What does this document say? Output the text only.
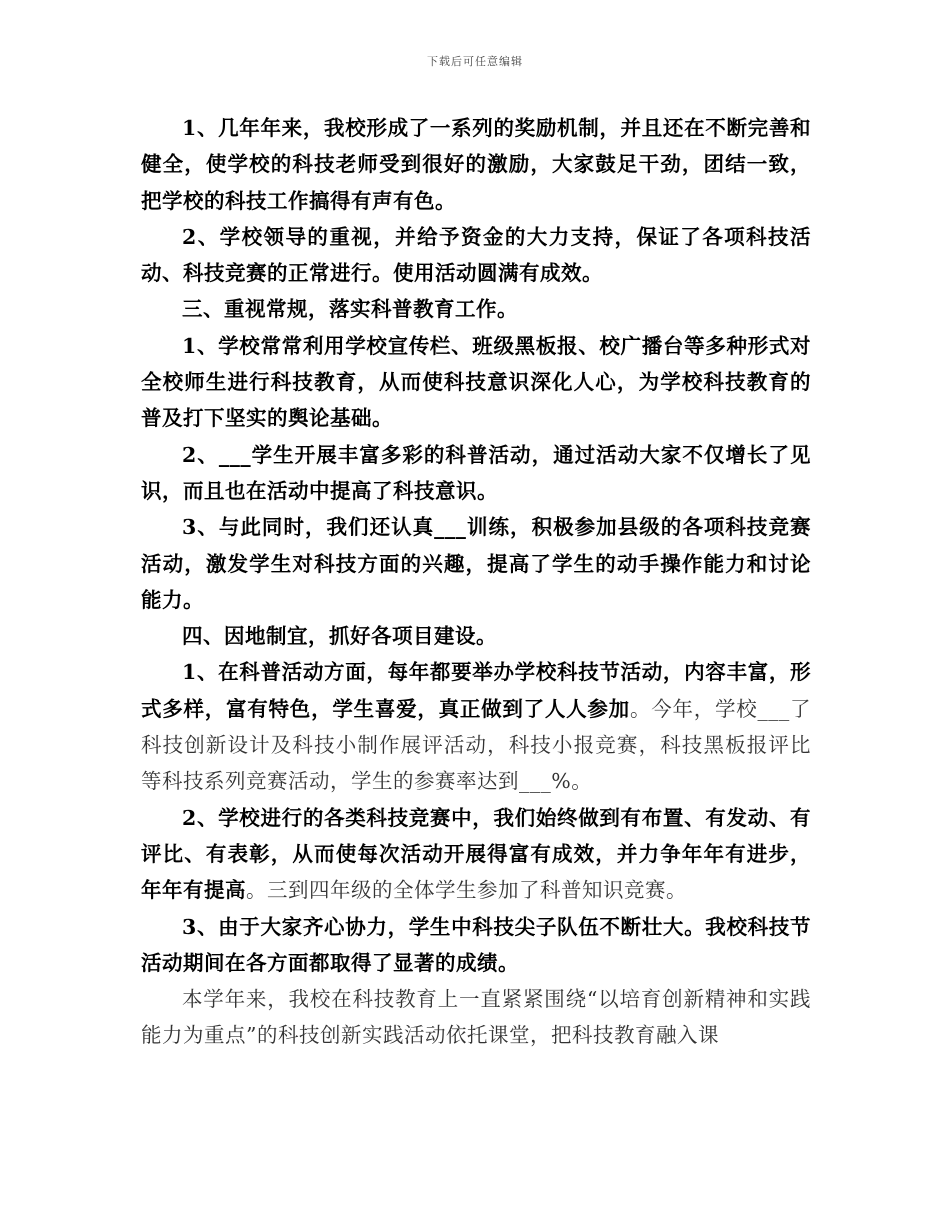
下载后可任意编辑

1、几年年来，我校形成了一系列的奖励机制，并且还在不断完善和健全，使学校的科技老师受到很好的激励，大家鼓足干劲，团结一致，把学校的科技工作搞得有声有色。

2、学校领导的重视，并给予资金的大力支持，保证了各项科技活动、科技竞赛的正常进行。使用活动圆满有成效。

三、重视常规，落实科普教育工作。

1、学校常常利用学校宣传栏、班级黑板报、校广播台等多种形式对全校师生进行科技教育，从而使科技意识深化人心，为学校科技教育的普及打下坚实的舆论基础。

2、___学生开展丰富多彩的科普活动，通过活动大家不仅增长了见识，而且也在活动中提高了科技意识。

3、与此同时，我们还认真___训练，积极参加县级的各项科技竞赛活动，激发学生对科技方面的兴趣，提高了学生的动手操作能力和讨论能力。

四、因地制宜，抓好各项目建设。

1、在科普活动方面，每年都要举办学校科技节活动，内容丰富，形式多样，富有特色，学生喜爱，真正做到了人人参加。今年，学校___了科技创新设计及科技小制作展评活动，科技小报竞赛，科技黑板报评比等科技系列竞赛活动，学生的参赛率达到___%。

2、学校进行的各类科技竞赛中，我们始终做到有布置、有发动、有评比、有表彰，从而使每次活动开展得富有成效，并力争年年有进步，年年有提高。三到四年级的全体学生参加了科普知识竞赛。

3、由于大家齐心协力，学生中科技尖子队伍不断壮大。我校科技节活动期间在各方面都取得了显著的成绩。

本学年来，我校在科技教育上一直紧紧围绕“以培育创新精神和实践能力为重点”的科技创新实践活动依托课堂，把科技教育融入课
